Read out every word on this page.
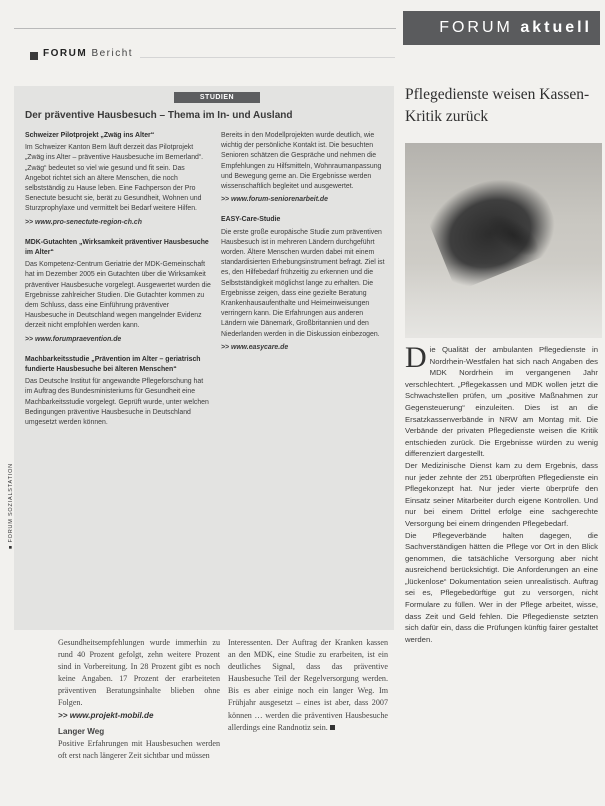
FORUM Bericht
FORUM aktuell
STUDIEN
Der präventive Hausbesuch – Thema im In- und Ausland

Schweizer Pilotprojekt „Zwäg ins Alter“

Im Schweizer Kanton Bern läuft derzeit das Pilotprojekt „Zwäg ins Alter – präventive Hausbesuche im Bernerland“. „Zwäg“ bedeutet so viel wie gesund und fit sein. Das Angebot richtet sich an ältere Menschen, die noch selbstständig zu Hause leben. Eine Fachperson der Pro Senectute besucht sie, berät zu Gesundheit, Wohnen und Sturzprophylaxe und vermittelt bei Bedarf weitere Hilfen.

>> www.pro-senectute-region-ch.ch

MDK-Gutachten „Wirksamkeit präventiver Hausbesuche im Alter“

Das Kompetenz-Centrum Geriatrie der MDK-Gemeinschaft hat im Dezember 2005 ein Gutachten über die Wirksamkeit präventiver Hausbesuche vorgelegt. Ausgewertet wurden die Ergebnisse zahlreicher Studien. Die Gutachter kommen zu dem Schluss, dass eine Einführung präventiver Hausbesuche in Deutschland wegen mangelnder Evidenz derzeit nicht empfohlen werden kann.

>> www.forumpraevention.de

Machbarkeitsstudie „Prävention im Alter – geriatrisch fundierte Hausbesuche bei älteren Menschen“

Das Deutsche Institut für angewandte Pflegeforschung hat im Auftrag des Bundesministeriums für Gesundheit eine Machbarkeitsstudie vorgelegt. Geprüft wurde, unter welchen Bedingungen präventive Hausbesuche in Deutschland umgesetzt werden können.

Bereits in den Modellprojekten wurde deutlich, wie wichtig der persönliche Kontakt ist. Die besuchten Senioren schätzen die Gespräche und nehmen die Empfehlungen zu Hilfsmitteln, Wohnraumanpassung und Bewegung gerne an. Die Ergebnisse werden wissenschaftlich begleitet und ausgewertet.

>> www.forum-seniorenarbeit.de

EASY-Care-Studie

Die erste große europäische Studie zum präventiven Hausbesuch ist in mehreren Ländern durchgeführt worden. Ältere Menschen wurden dabei mit einem standardisierten Erhebungsinstrument befragt. Ziel ist es, den Hilfebedarf frühzeitig zu erkennen und die Selbstständigkeit möglichst lange zu erhalten. Die Ergebnisse zeigen, dass eine gezielte Beratung Krankenhausaufenthalte und Heimeinweisungen verringern kann. Die Erfahrungen aus anderen Ländern wie Dänemark, Großbritannien und den Niederlanden werden in die Diskussion einbezogen.

>> www.easycare.de

■ FORUM SOZIALSTATION

Gesundheitsempfehlungen wurde immerhin zu rund 40 Prozent gefolgt, zehn weitere Prozent sind in Vorbereitung. In 28 Prozent gibt es noch keine Angaben. 17 Prozent der erarbeiteten präventiven Beratungsinhalte blieben ohne Folgen.

>> www.projekt-mobil.de

Langer Weg

Positive Erfahrungen mit Hausbesuchen werden oft erst nach längerer Zeit sichtbar und müssen

Interessenten. Der Auftrag der Kranken kassen an den MDK, eine Studie zu erarbeiten, ist ein deutliches Signal, dass das präventive Hausbesuche Teil der Regelversorgung werden. Bis es aber einige noch ein langer Weg. Im Frühjahr ausgesetzt – eines ist aber, dass 2007 können … werden die präventiven Hausbesuche allerdings eine Randnotiz sein.

Pflegedienste weisen Kassen-Kritik zurück

Die Qualität der ambulanten Pflegedienste in Nordrhein-Westfalen hat sich nach Angaben des MDK Nordrhein im vergangenen Jahr verschlechtert. „Pflegekassen und MDK wollen jetzt die Schwachstellen prüfen, um „positive Maßnahmen zur Gegensteuerung“ einzuleiten. Dies ist an die Ersatzkassenverbände in NRW am Montag mit. Die Verbände der privaten Pflegedienste weisen die Kritik entschieden zurück. Die Ergebnisse würden zu wenig differenziert dargestellt.

Der Medizinische Dienst kam zu dem Ergebnis, dass nur jeder zehnte der 251 überprüften Pflegedienste ein Pflegekonzept hat. Nur jeder vierte überprüfe den Einsatz seiner Mitarbeiter durch eigene Kontrollen. Und nur bei einem Drittel erfolge eine sachgerechte Versorgung bei einem dringenden Pflegebedarf.

Die Pflegeverbände halten dagegen, die Sachverständigen hätten die Pflege vor Ort in den Blick genommen, die tatsächliche Versorgung aber nicht ausreichend berücksichtigt. Die Anforderungen an eine „lückenlose“ Dokumentation seien unrealistisch. Auftrag sei es, Pflegebedürftige gut zu versorgen, nicht Formulare zu füllen. Wer in der Pflege arbeitet, wisse, dass Zeit und Geld fehlen. Die Pflegedienste setzten sich dafür ein, dass die Prüfungen künftig fairer gestaltet werden.
